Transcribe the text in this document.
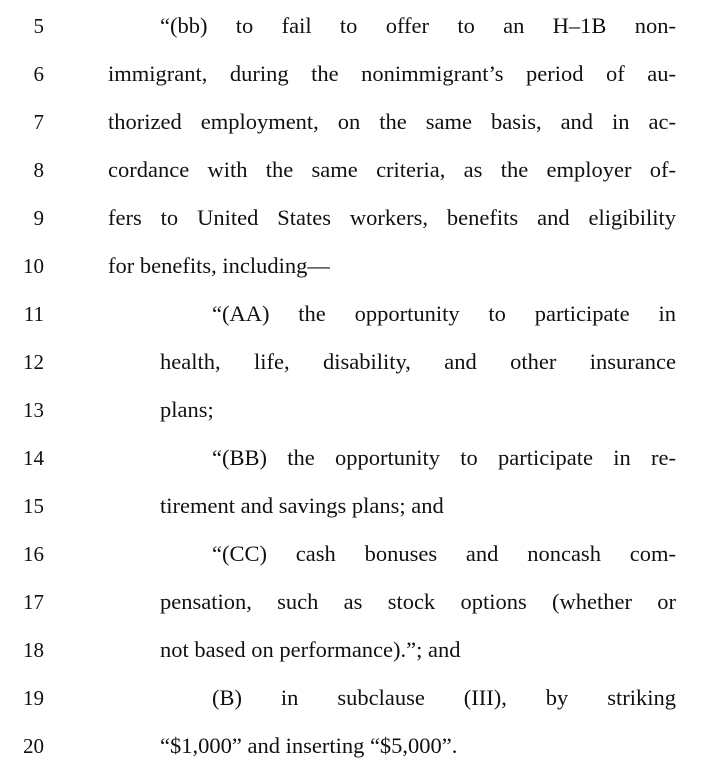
5	“(bb) to fail to offer to an H–1B non-
6	immigrant, during the nonimmigrant’s period of au-
7	thorized employment, on the same basis, and in ac-
8	cordance with the same criteria, as the employer of-
9	fers to United States workers, benefits and eligibility
10	for benefits, including—
11	“(AA) the opportunity to participate in
12	health, life, disability, and other insurance
13	plans;
14	“(BB) the opportunity to participate in re-
15	tirement and savings plans; and
16	“(CC) cash bonuses and noncash com-
17	pensation, such as stock options (whether or
18	not based on performance).”; and
19	(B) in subclause (III), by striking
20	“$1,000” and inserting “$5,000”.
